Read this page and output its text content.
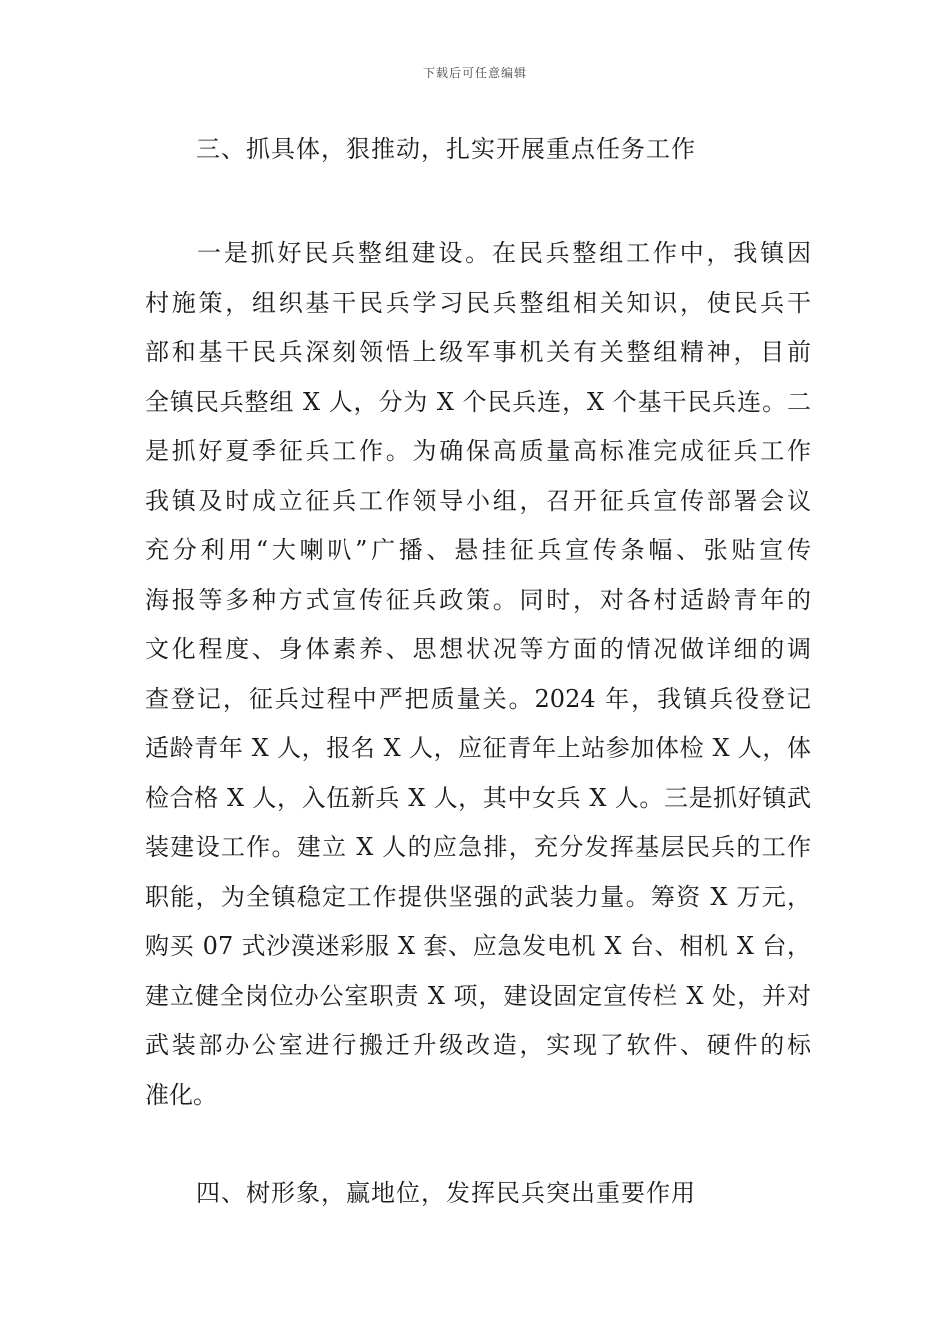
下载后可任意编辑
三、抓具体，狠推动，扎实开展重点任务工作
一是抓好民兵整组建设。在民兵整组工作中，我镇因
村施策，组织基干民兵学习民兵整组相关知识，使民兵干
部和基干民兵深刻领悟上级军事机关有关整组精神，目前
全镇民兵整组 X 人，分为 X 个民兵连，X 个基干民兵连。二
是抓好夏季征兵工作。为确保高质量高标准完成征兵工作
我镇及时成立征兵工作领导小组，召开征兵宣传部署会议
充分利用“大喇叭”广播、悬挂征兵宣传条幅、张贴宣传
海报等多种方式宣传征兵政策。同时，对各村适龄青年的
文化程度、身体素养、思想状况等方面的情况做详细的调
查登记，征兵过程中严把质量关。2024 年，我镇兵役登记
适龄青年 X 人，报名 X 人，应征青年上站参加体检 X 人，体
检合格 X 人，入伍新兵 X 人，其中女兵 X 人。三是抓好镇武
装建设工作。建立 X 人的应急排，充分发挥基层民兵的工作
职能，为全镇稳定工作提供坚强的武装力量。筹资 X 万元，
购买 07 式沙漠迷彩服 X 套、应急发电机 X 台、相机 X 台，
建立健全岗位办公室职责 X 项，建设固定宣传栏 X 处，并对
武装部办公室进行搬迁升级改造，实现了软件、硬件的标
准化。
四、树形象，赢地位，发挥民兵突出重要作用
